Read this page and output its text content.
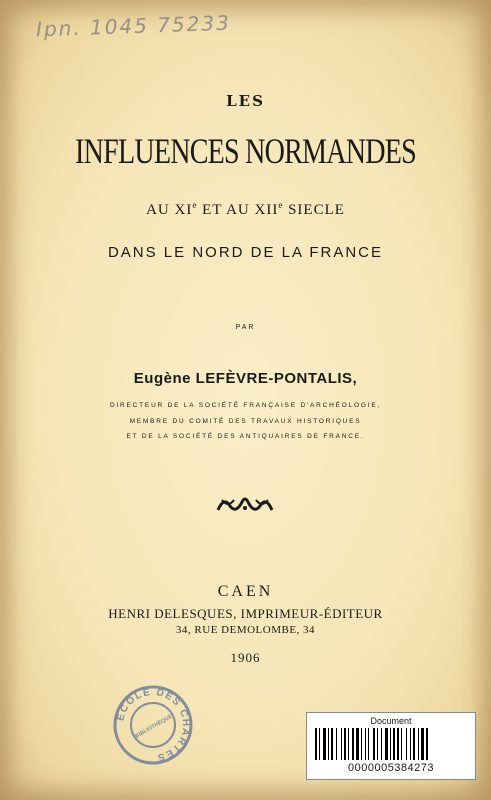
Ipn. 1045 75233
LES
INFLUENCES NORMANDES
AU XIe ET AU XIIe SIECLE
DANS LE NORD DE LA FRANCE
PAR
Eugène LEFÈVRE-PONTALIS,
DIRECTEUR DE LA SOCIÉTÉ FRANÇAISE D'ARCHÉOLOGIE,
MEMBRE DU COMITÉ DES TRAVAUX HISTORIQUES
ET DE LA SOCIÉTÉ DES ANTIQUAIRES DE FRANCE.
CAEN
HENRI DELESQUES, IMPRIMEUR-ÉDITEUR
34, RUE DEMOLOMBE, 34
1906
ÉCOLE DES CHARTES
BIBLIOTHÈQUE	Document
0000005384273
